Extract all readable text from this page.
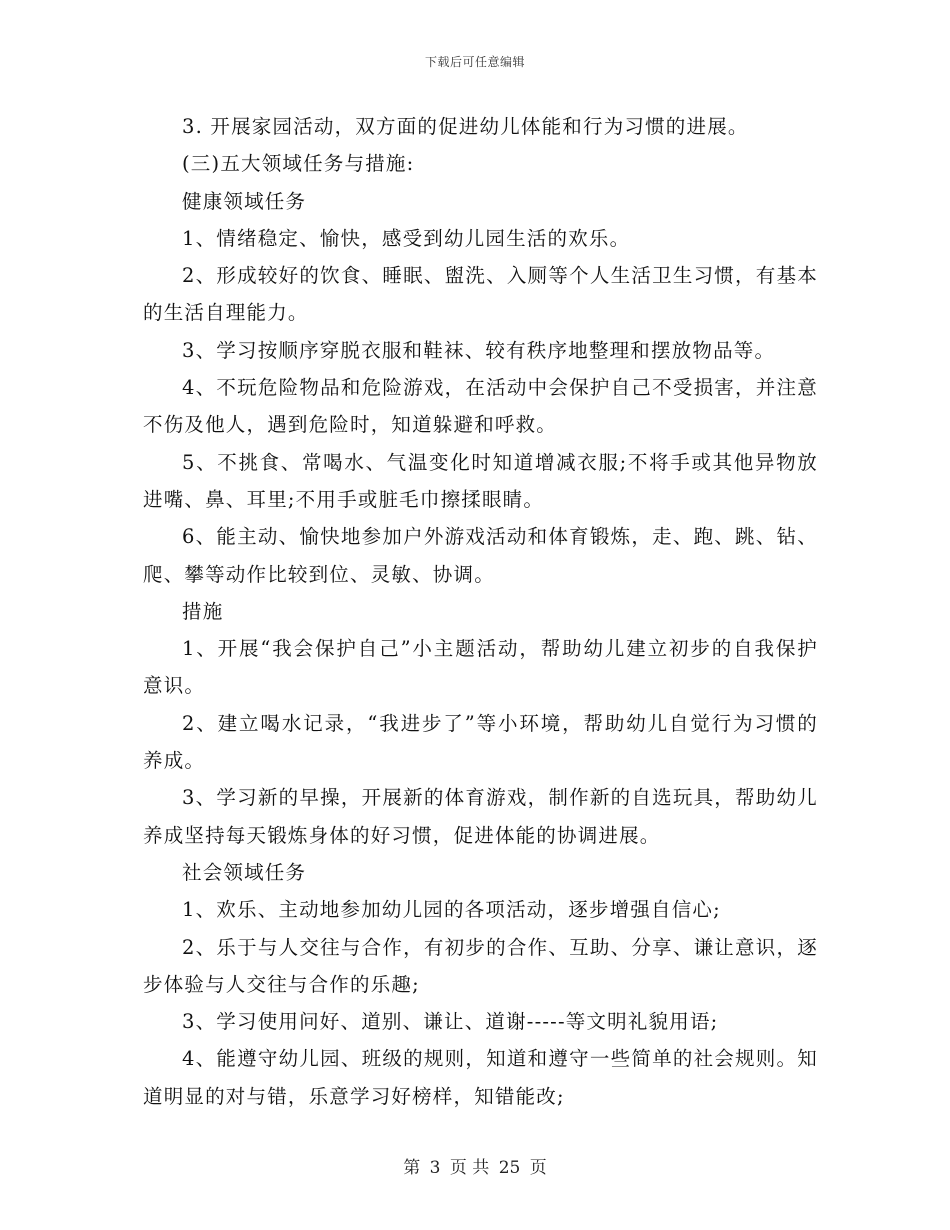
下载后可任意编辑

3. 开展家园活动，双方面的促进幼儿体能和行为习惯的进展。

(三)五大领域任务与措施:

健康领域任务

1、情绪稳定、愉快，感受到幼儿园生活的欢乐。

2、形成较好的饮食、睡眠、盥洗、入厕等个人生活卫生习惯，有基本的生活自理能力。

3、学习按顺序穿脱衣服和鞋袜、较有秩序地整理和摆放物品等。

4、不玩危险物品和危险游戏，在活动中会保护自己不受损害，并注意不伤及他人，遇到危险时，知道躲避和呼救。

5、不挑食、常喝水、气温变化时知道增减衣服;不将手或其他异物放进嘴、鼻、耳里;不用手或脏毛巾擦揉眼睛。

6、能主动、愉快地参加户外游戏活动和体育锻炼，走、跑、跳、钻、爬、攀等动作比较到位、灵敏、协调。

措施

1、开展“我会保护自己”小主题活动，帮助幼儿建立初步的自我保护意识。

2、建立喝水记录，“我进步了”等小环境，帮助幼儿自觉行为习惯的养成。

3、学习新的早操，开展新的体育游戏，制作新的自选玩具，帮助幼儿养成坚持每天锻炼身体的好习惯，促进体能的协调进展。

社会领域任务

1、欢乐、主动地参加幼儿园的各项活动，逐步增强自信心;

2、乐于与人交往与合作，有初步的合作、互助、分享、谦让意识，逐步体验与人交往与合作的乐趣;

3、学习使用问好、道别、谦让、道谢-----等文明礼貌用语;

4、能遵守幼儿园、班级的规则，知道和遵守一些简单的社会规则。知道明显的对与错，乐意学习好榜样，知错能改;

第 3 页 共 25 页
